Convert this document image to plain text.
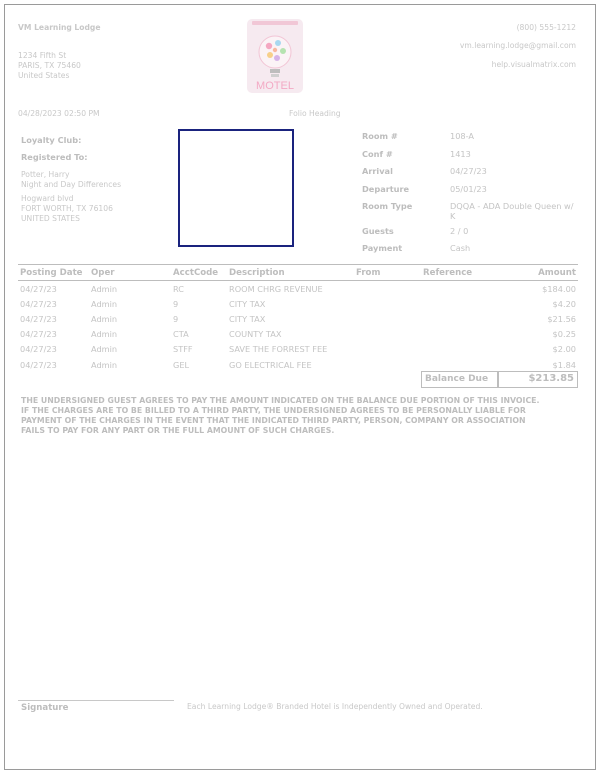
VM Learning Lodge
1234 Fifth St
PARIS, TX 75460
United States
MOTEL
(800) 555-1212
vm.learning.lodge@gmail.com
help.visualmatrix.com
04/28/2023 02:50 PM	Folio Heading
Loyalty Club:
Registered To:
Potter, Harry
Night and Day Differences
Hogward blvd
FORT WORTH, TX 76106
UNITED STATES
Room #	108-A
Conf #	1413
Arrival	04/27/23
Departure	05/01/23
Room Type	DQQA - ADA Double Queen w/ K
Guests	2 / 0
Payment	Cash
Posting Date	Oper	AcctCode	Description	From	Reference	Amount
04/27/23	Admin	RC	ROOM CHRG REVENUE			$184.00
04/27/23	Admin	9	CITY TAX			$4.20
04/27/23	Admin	9	CITY TAX			$21.56
04/27/23	Admin	CTA	COUNTY TAX			$0.25
04/27/23	Admin	STFF	SAVE THE FORREST FEE			$2.00
04/27/23	Admin	GEL	GO ELECTRICAL FEE			$1.84
Balance Due	$213.85
THE UNDERSIGNED GUEST AGREES TO PAY THE AMOUNT INDICATED ON THE BALANCE DUE PORTION OF THIS INVOICE. IF THE CHARGES ARE TO BE BILLED TO A THIRD PARTY, THE UNDERSIGNED AGREES TO BE PERSONALLY LIABLE FOR PAYMENT OF THE CHARGES IN THE EVENT THAT THE INDICATED THIRD PARTY, PERSON, COMPANY OR ASSOCIATION FAILS TO PAY FOR ANY PART OR THE FULL AMOUNT OF SUCH CHARGES.
Signature	Each Learning Lodge® Branded Hotel is Independently Owned and Operated.
